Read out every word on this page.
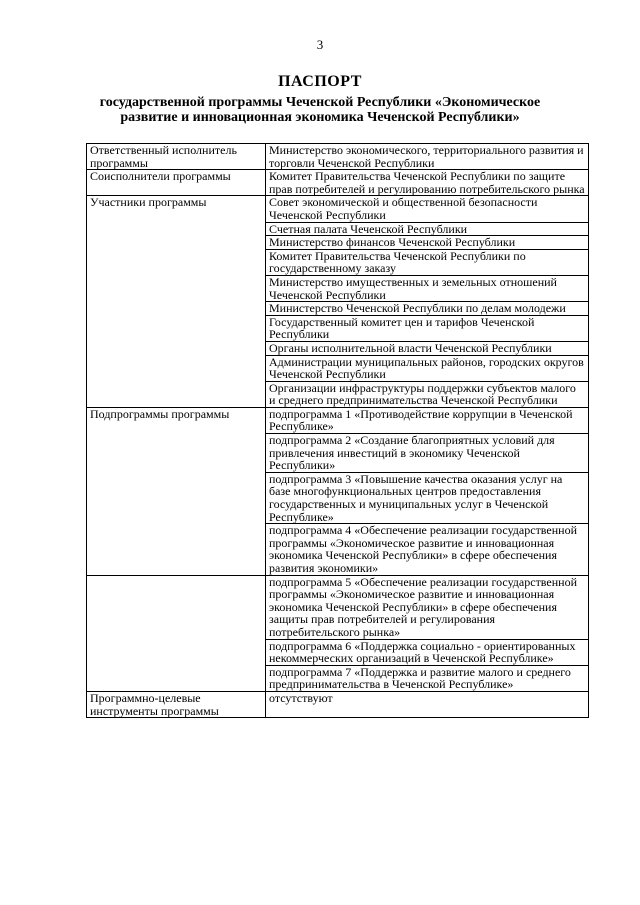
3
ПАСПОРТ
государственной программы Чеченской Республики «Экономическое развитие и инновационная экономика Чеченской Республики»
Ответственный исполнитель программы	Министерство экономического, территориального развития и торговли Чеченской Республики
Соисполнители программы	Комитет Правительства Чеченской Республики по защите прав потребителей и регулированию потребительского рынка
Участники программы	Совет экономической и общественной безопасности Чеченской Республики
	Счетная палата Чеченской Республики
	Министерство финансов Чеченской Республики
	Комитет Правительства Чеченской Республики по государственному заказу
	Министерство имущественных и земельных отношений Чеченской Республики
	Министерство Чеченской Республики по делам молодежи
	Государственный комитет цен и тарифов Чеченской Республики
	Органы исполнительной власти Чеченской Республики
	Администрации муниципальных районов, городских округов Чеченской Республики
	Организации инфраструктуры поддержки субъектов малого и среднего предпринимательства Чеченской Республики
Подпрограммы программы	подпрограмма 1 «Противодействие коррупции в Чеченской Республике»
	подпрограмма 2 «Создание благоприятных условий для привлечения инвестиций в экономику Чеченской Республики»
	подпрограмма 3 «Повышение качества оказания услуг на базе многофункциональных центров предоставления государственных и муниципальных услуг в Чеченской Республике»
	подпрограмма 4 «Обеспечение реализации государственной программы «Экономическое развитие и инновационная экономика Чеченской Республики» в сфере обеспечения развития экономики»
	подпрограмма 5 «Обеспечение реализации государственной программы «Экономическое развитие и инновационная экономика Чеченской Республики» в сфере обеспечения защиты прав потребителей и регулирования потребительского рынка»
	подпрограмма 6 «Поддержка социально - ориентированных некоммерческих организаций в Чеченской Республике»
	подпрограмма 7 «Поддержка и развитие малого и среднего предпринимательства в Чеченской Республике»
Программно-целевые инструменты программы	отсутствуют
